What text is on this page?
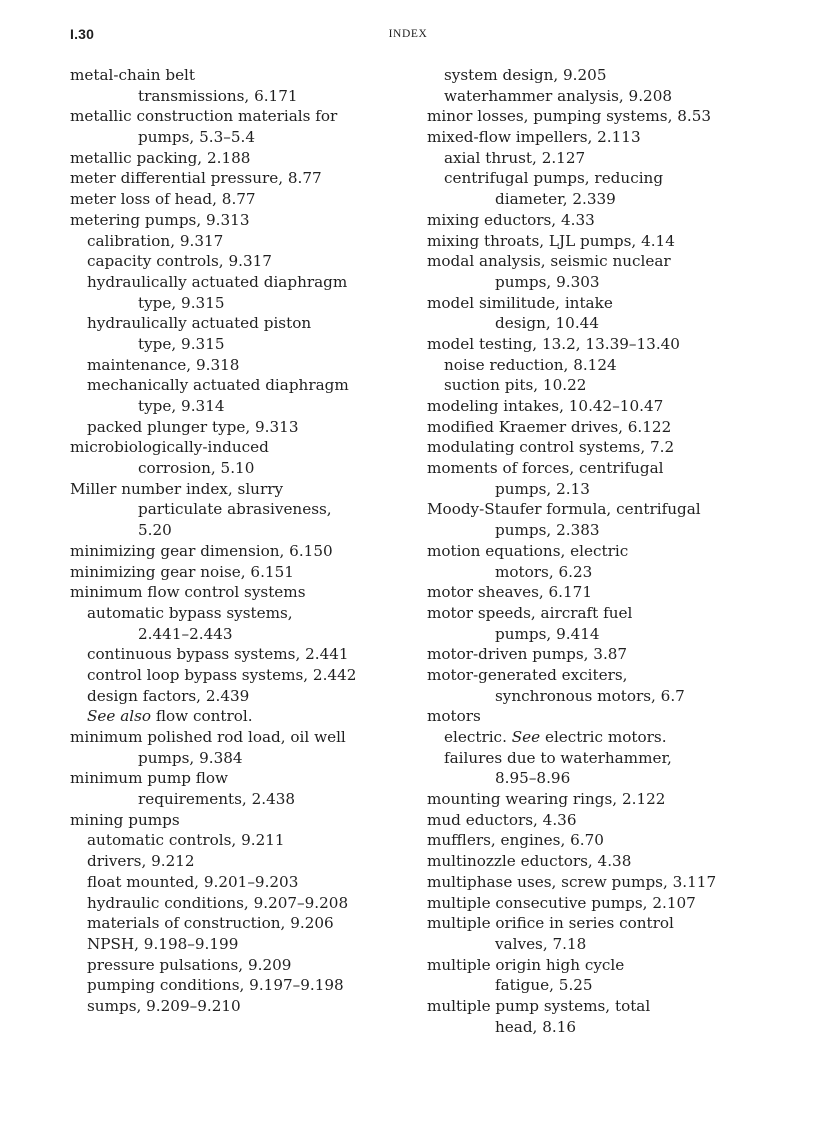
I.30	INDEX
metal-chain belt
transmissions, 6.171
metallic construction materials for
pumps, 5.3–5.4
metallic packing, 2.188
meter differential pressure, 8.77
meter loss of head, 8.77
metering pumps, 9.313
calibration, 9.317
capacity controls, 9.317
hydraulically actuated diaphragm
type, 9.315
hydraulically actuated piston
type, 9.315
maintenance, 9.318
mechanically actuated diaphragm
type, 9.314
packed plunger type, 9.313
microbiologically-induced
corrosion, 5.10
Miller number index, slurry
particulate abrasiveness,
5.20
minimizing gear dimension, 6.150
minimizing gear noise, 6.151
minimum flow control systems
automatic bypass systems,
2.441–2.443
continuous bypass systems, 2.441
control loop bypass systems, 2.442
design factors, 2.439
See also flow control.
minimum polished rod load, oil well
pumps, 9.384
minimum pump flow
requirements, 2.438
mining pumps
automatic controls, 9.211
drivers, 9.212
float mounted, 9.201–9.203
hydraulic conditions, 9.207–9.208
materials of construction, 9.206
NPSH, 9.198–9.199
pressure pulsations, 9.209
pumping conditions, 9.197–9.198
sumps, 9.209–9.210
system design, 9.205
waterhammer analysis, 9.208
minor losses, pumping systems, 8.53
mixed-flow impellers, 2.113
axial thrust, 2.127
centrifugal pumps, reducing
diameter, 2.339
mixing eductors, 4.33
mixing throats, LJL pumps, 4.14
modal analysis, seismic nuclear
pumps, 9.303
model similitude, intake
design, 10.44
model testing, 13.2, 13.39–13.40
noise reduction, 8.124
suction pits, 10.22
modeling intakes, 10.42–10.47
modified Kraemer drives, 6.122
modulating control systems, 7.2
moments of forces, centrifugal
pumps, 2.13
Moody-Staufer formula, centrifugal
pumps, 2.383
motion equations, electric
motors, 6.23
motor sheaves, 6.171
motor speeds, aircraft fuel
pumps, 9.414
motor-driven pumps, 3.87
motor-generated exciters,
synchronous motors, 6.7
motors
electric. See electric motors.
failures due to waterhammer,
8.95–8.96
mounting wearing rings, 2.122
mud eductors, 4.36
mufflers, engines, 6.70
multinozzle eductors, 4.38
multiphase uses, screw pumps, 3.117
multiple consecutive pumps, 2.107
multiple orifice in series control
valves, 7.18
multiple origin high cycle
fatigue, 5.25
multiple pump systems, total
head, 8.16
